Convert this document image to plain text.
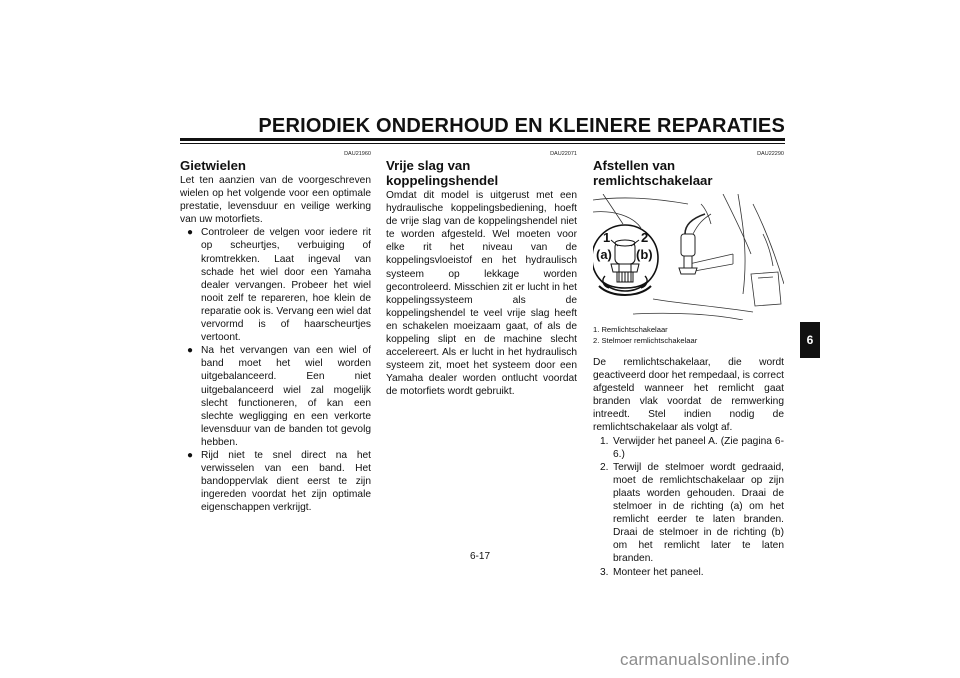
PERIODIEK ONDERHOUD EN KLEINERE REPARATIES
DAU21960
Gietwielen
Let ten aanzien van de voorgeschreven wielen op het volgende voor een optimale prestatie, levensduur en veilige werking van uw motorfiets.
● Controleer de velgen voor iedere rit op scheurtjes, verbuiging of kromtrekken. Laat ingeval van schade het wiel door een Yamaha dealer vervangen. Probeer het wiel nooit zelf te repareren, hoe klein de reparatie ook is. Vervang een wiel dat vervormd is of haarscheurtjes vertoont.
● Na het vervangen van een wiel of band moet het wiel worden uitgebalanceerd. Een niet uitgebalanceerd wiel zal mogelijk slecht functioneren, of kan een slechte wegligging en een verkorte levensduur van de banden tot gevolg hebben.
● Rijd niet te snel direct na het verwisselen van een band. Het bandoppervlak dient eerst te zijn ingereden voordat het zijn optimale eigenschappen verkrijgt.
DAU22071
Vrije slag van koppelingshendel
Omdat dit model is uitgerust met een hydraulische koppelingsbediening, hoeft de vrije slag van de koppelingshendel niet te worden afgesteld. Wel moeten voor elke rit het niveau van de koppelingsvloeistof en het hydraulisch systeem op lekkage worden gecontroleerd. Misschien zit er lucht in het koppelingssysteem als de koppelingshendel te veel vrije slag heeft en schakelen moeizaam gaat, of als de koppeling slipt en de machine slecht accelereert. Als er lucht in het hydraulisch systeem zit, moet het systeem door een Yamaha dealer worden ontlucht voordat de motorfiets wordt gebruikt.
DAU22290
Afstellen van remlichtschakelaar
1 2
(a) (b)
1. Remlichtschakelaar
2. Stelmoer remlichtschakelaar
De remlichtschakelaar, die wordt geactiveerd door het rempedaal, is correct afgesteld wanneer het remlicht gaat branden vlak voordat de remwerking intreedt. Stel indien nodig de remlichtschakelaar als volgt af.
1. Verwijder het paneel A. (Zie pagina 6-6.)
2. Terwijl de stelmoer wordt gedraaid, moet de remlichtschakelaar op zijn plaats worden gehouden. Draai de stelmoer in de richting (a) om het remlicht eerder te laten branden. Draai de stelmoer in de richting (b) om het remlicht later te laten branden.
3. Monteer het paneel.
6
6-17
carmanualsonline.info
